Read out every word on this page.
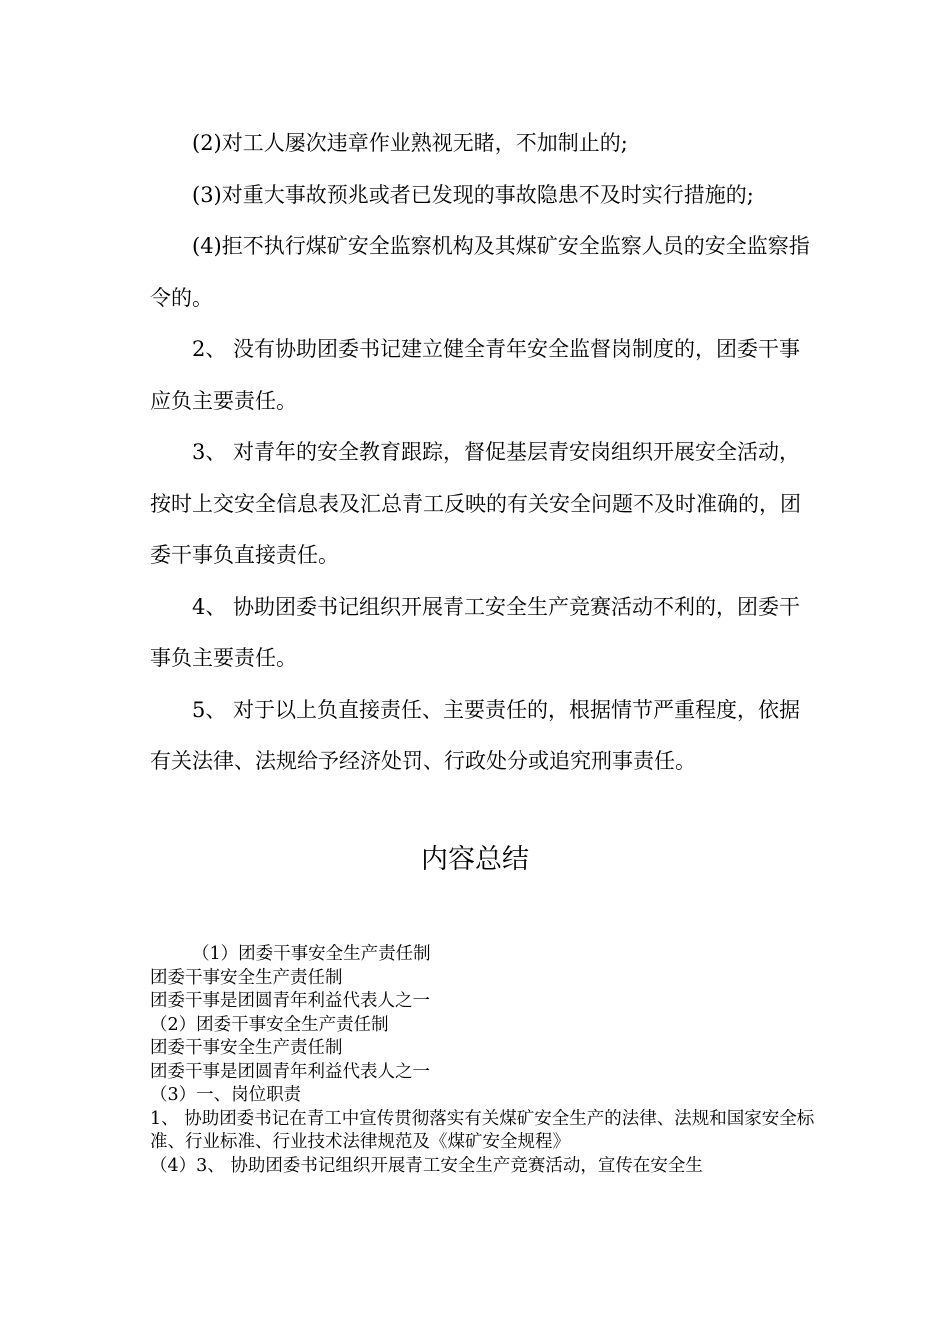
(2)对工人屡次违章作业熟视无睹，不加制止的;

(3)对重大事故预兆或者已发现的事故隐患不及时实行措施的;

(4)拒不执行煤矿安全监察机构及其煤矿安全监察人员的安全监察指令的。

2、 没有协助团委书记建立健全青年安全监督岗制度的，团委干事应负主要责任。

3、 对青年的安全教育跟踪，督促基层青安岗组织开展安全活动，按时上交安全信息表及汇总青工反映的有关安全问题不及时准确的，团委干事负直接责任。

4、 协助团委书记组织开展青工安全生产竞赛活动不利的，团委干事负主要责任。

5、 对于以上负直接责任、主要责任的，根据情节严重程度，依据有关法律、法规给予经济处罚、行政处分或追究刑事责任。

内容总结
（1）团委干事安全生产责任制
团委干事安全生产责任制
团委干事是团圆青年利益代表人之一
（2）团委干事安全生产责任制
团委干事安全生产责任制
团委干事是团圆青年利益代表人之一
（3）一、岗位职责
1、 协助团委书记在青工中宣传贯彻落实有关煤矿安全生产的法律、法规和国家安全标准、行业标准、行业技术法律规范及《煤矿安全规程》
（4）3、 协助团委书记组织开展青工安全生产竞赛活动，宣传在安全生
